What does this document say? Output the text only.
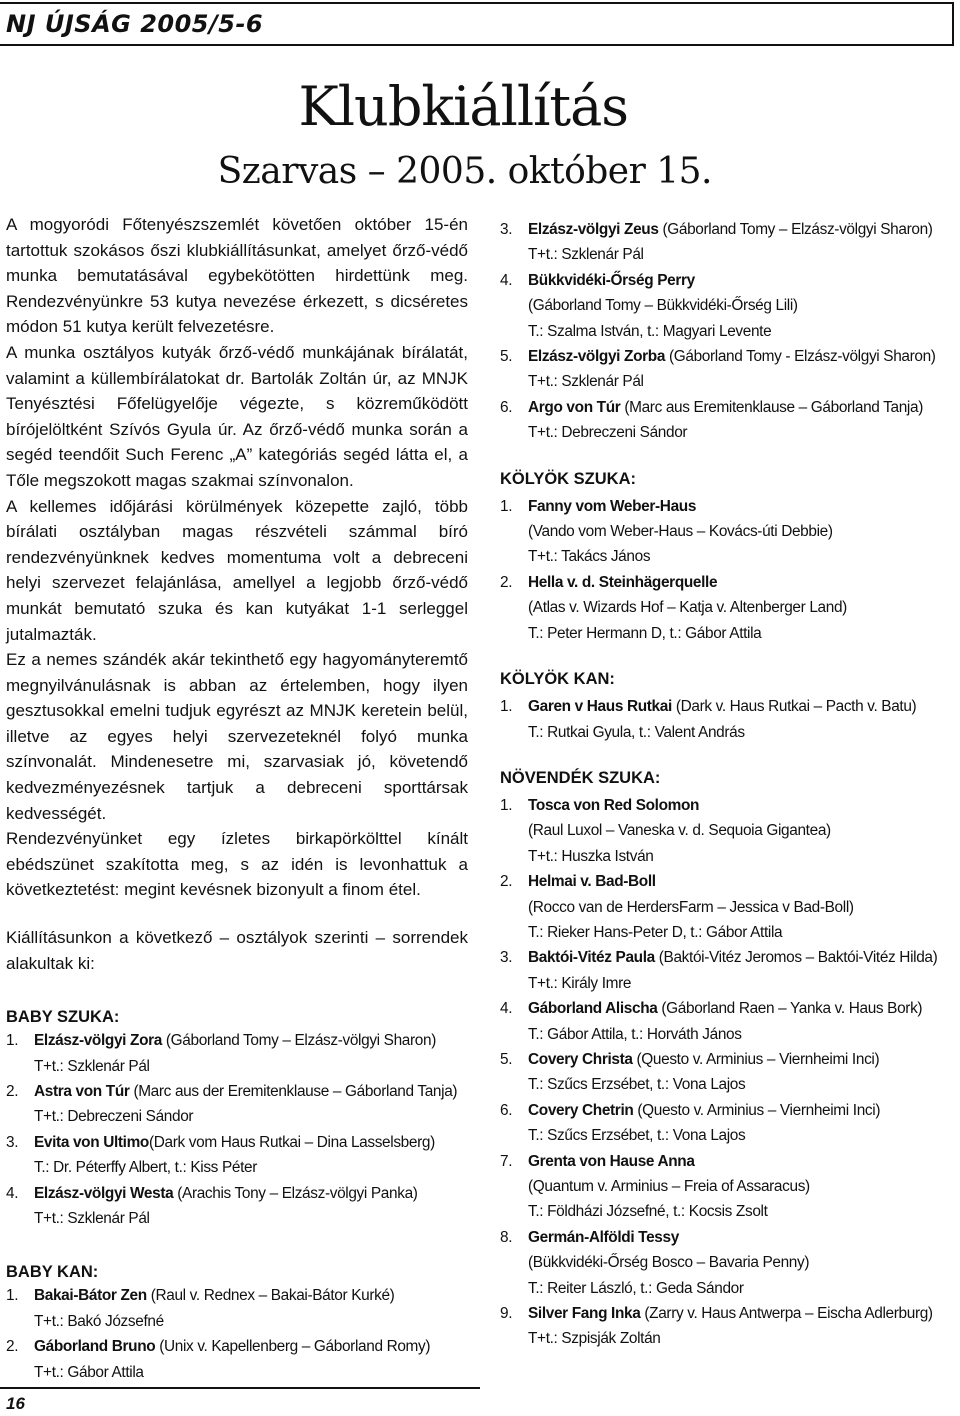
NJ ÚJSÁG 2005/5-6
Klubkiállítás
Szarvas – 2005. október 15.

A mogyoródi Főtenyészszemlét követően október 15-én tartottuk szokásos őszi klubkiállításunkat, amelyet őrző-védő munka bemutatásával egybekötötten hirdettünk meg. Rendezvényünkre 53 kutya nevezése érkezett, s dicséretes módon 51 kutya került felvezetésre.

A munka osztályos kutyák őrző-védő munkájának bírálatát, valamint a küllembírálatokat dr. Bartolák Zoltán úr, az MNJK Tenyésztési Főfelügyelője végezte, s közreműködött bírójelöltként Szívós Gyula úr. Az őrző-védő munka során a segéd teendőit Such Ferenc „A” kategóriás segéd látta el, a Tőle megszokott magas szakmai színvonalon.

A kellemes időjárási körülmények közepette zajló, több bírálati osztályban magas részvételi számmal bíró rendezvényünknek kedves momentuma volt a debreceni helyi szervezet felajánlása, amellyel a legjobb őrző-védő munkát bemutató szuka és kan kutyákat 1-1 serleggel jutalmazták.

Ez a nemes szándék akár tekinthető egy hagyományteremtő megnyilvánulásnak is abban az értelemben, hogy ilyen gesztusokkal emelni tudjuk egyrészt az MNJK keretein belül, illetve az egyes helyi szervezeteknél folyó munka színvonalát. Mindenesetre mi, szarvasiak jó, követendő kedvezményezésnek tartjuk a debreceni sporttársak kedvességét.

Rendezvényünket egy ízletes birkapörkölttel kínált ebédszünet szakította meg, s az idén is levonhattuk a következtetést: megint kevésnek bizonyult a finom étel.

Kiállításunkon a következő – osztályok szerinti – sorrendek alakultak ki:

BABY SZUKA:

1. Elzász-völgyi Zora (Gáborland Tomy – Elzász-völgyi Sharon)
T+t.: Szklenár Pál
2. Astra von Túr (Marc aus der Eremitenklause – Gáborland Tanja)
T+t.: Debreczeni Sándor
3. Evita von Ultimo(Dark vom Haus Rutkai – Dina Lasselsberg)
T.: Dr. Péterffy Albert, t.: Kiss Péter
4. Elzász-völgyi Westa (Arachis Tony – Elzász-völgyi Panka)
T+t.: Szklenár Pál

BABY KAN:

1. Bakai-Bátor Zen (Raul v. Rednex – Bakai-Bátor Kurké)
T+t.: Bakó Józsefné
2. Gáborland Bruno (Unix v. Kapellenberg – Gáborland Romy)
T+t.: Gábor Attila
3. Elzász-völgyi Zeus (Gáborland Tomy – Elzász-völgyi Sharon)
T+t.: Szklenár Pál
4. Bükkvidéki-Őrség Perry
(Gáborland Tomy – Bükkvidéki-Őrség Lili)
T.: Szalma István, t.: Magyari Levente
5. Elzász-völgyi Zorba (Gáborland Tomy - Elzász-völgyi Sharon)
T+t.: Szklenár Pál
6. Argo von Túr (Marc aus Eremitenklause – Gáborland Tanja)
T+t.: Debreczeni Sándor

KÖLYÖK SZUKA:

1. Fanny vom Weber-Haus
(Vando vom Weber-Haus – Kovács-úti Debbie)
T+t.: Takács János
2. Hella v. d. Steinhägerquelle
(Atlas v. Wizards Hof – Katja v. Altenberger Land)
T.: Peter Hermann D, t.: Gábor Attila

KÖLYÖK KAN:

1. Garen v Haus Rutkai (Dark v. Haus Rutkai – Pacth v. Batu)
T.: Rutkai Gyula, t.: Valent András

NÖVENDÉK SZUKA:

1. Tosca von Red Solomon
(Raul Luxol – Vaneska v. d. Sequoia Gigantea)
T+t.: Huszka István
2. Helmai v. Bad-Boll
(Rocco van de HerdersFarm – Jessica v Bad-Boll)
T.: Rieker Hans-Peter D, t.: Gábor Attila
3. Baktói-Vitéz Paula (Baktói-Vitéz Jeromos – Baktói-Vitéz Hilda)
T+t.: Király Imre
4. Gáborland Alischa (Gáborland Raen – Yanka v. Haus Bork)
T.: Gábor Attila, t.: Horváth János
5. Covery Christa (Questo v. Arminius – Viernheimi Inci)
T.: Szűcs Erzsébet, t.: Vona Lajos
6. Covery Chetrin (Questo v. Arminius – Viernheimi Inci)
T.: Szűcs Erzsébet, t.: Vona Lajos
7. Grenta von Hause Anna
(Quantum v. Arminius – Freia of Assaracus)
T.: Földházi Józsefné, t.: Kocsis Zsolt
8. Germán-Alföldi Tessy
(Bükkvidéki-Őrség Bosco – Bavaria Penny)
T.: Reiter László, t.: Geda Sándor
9. Silver Fang Inka (Zarry v. Haus Antwerpa – Eischa Adlerburg)
T+t.: Szpisják Zoltán
16
